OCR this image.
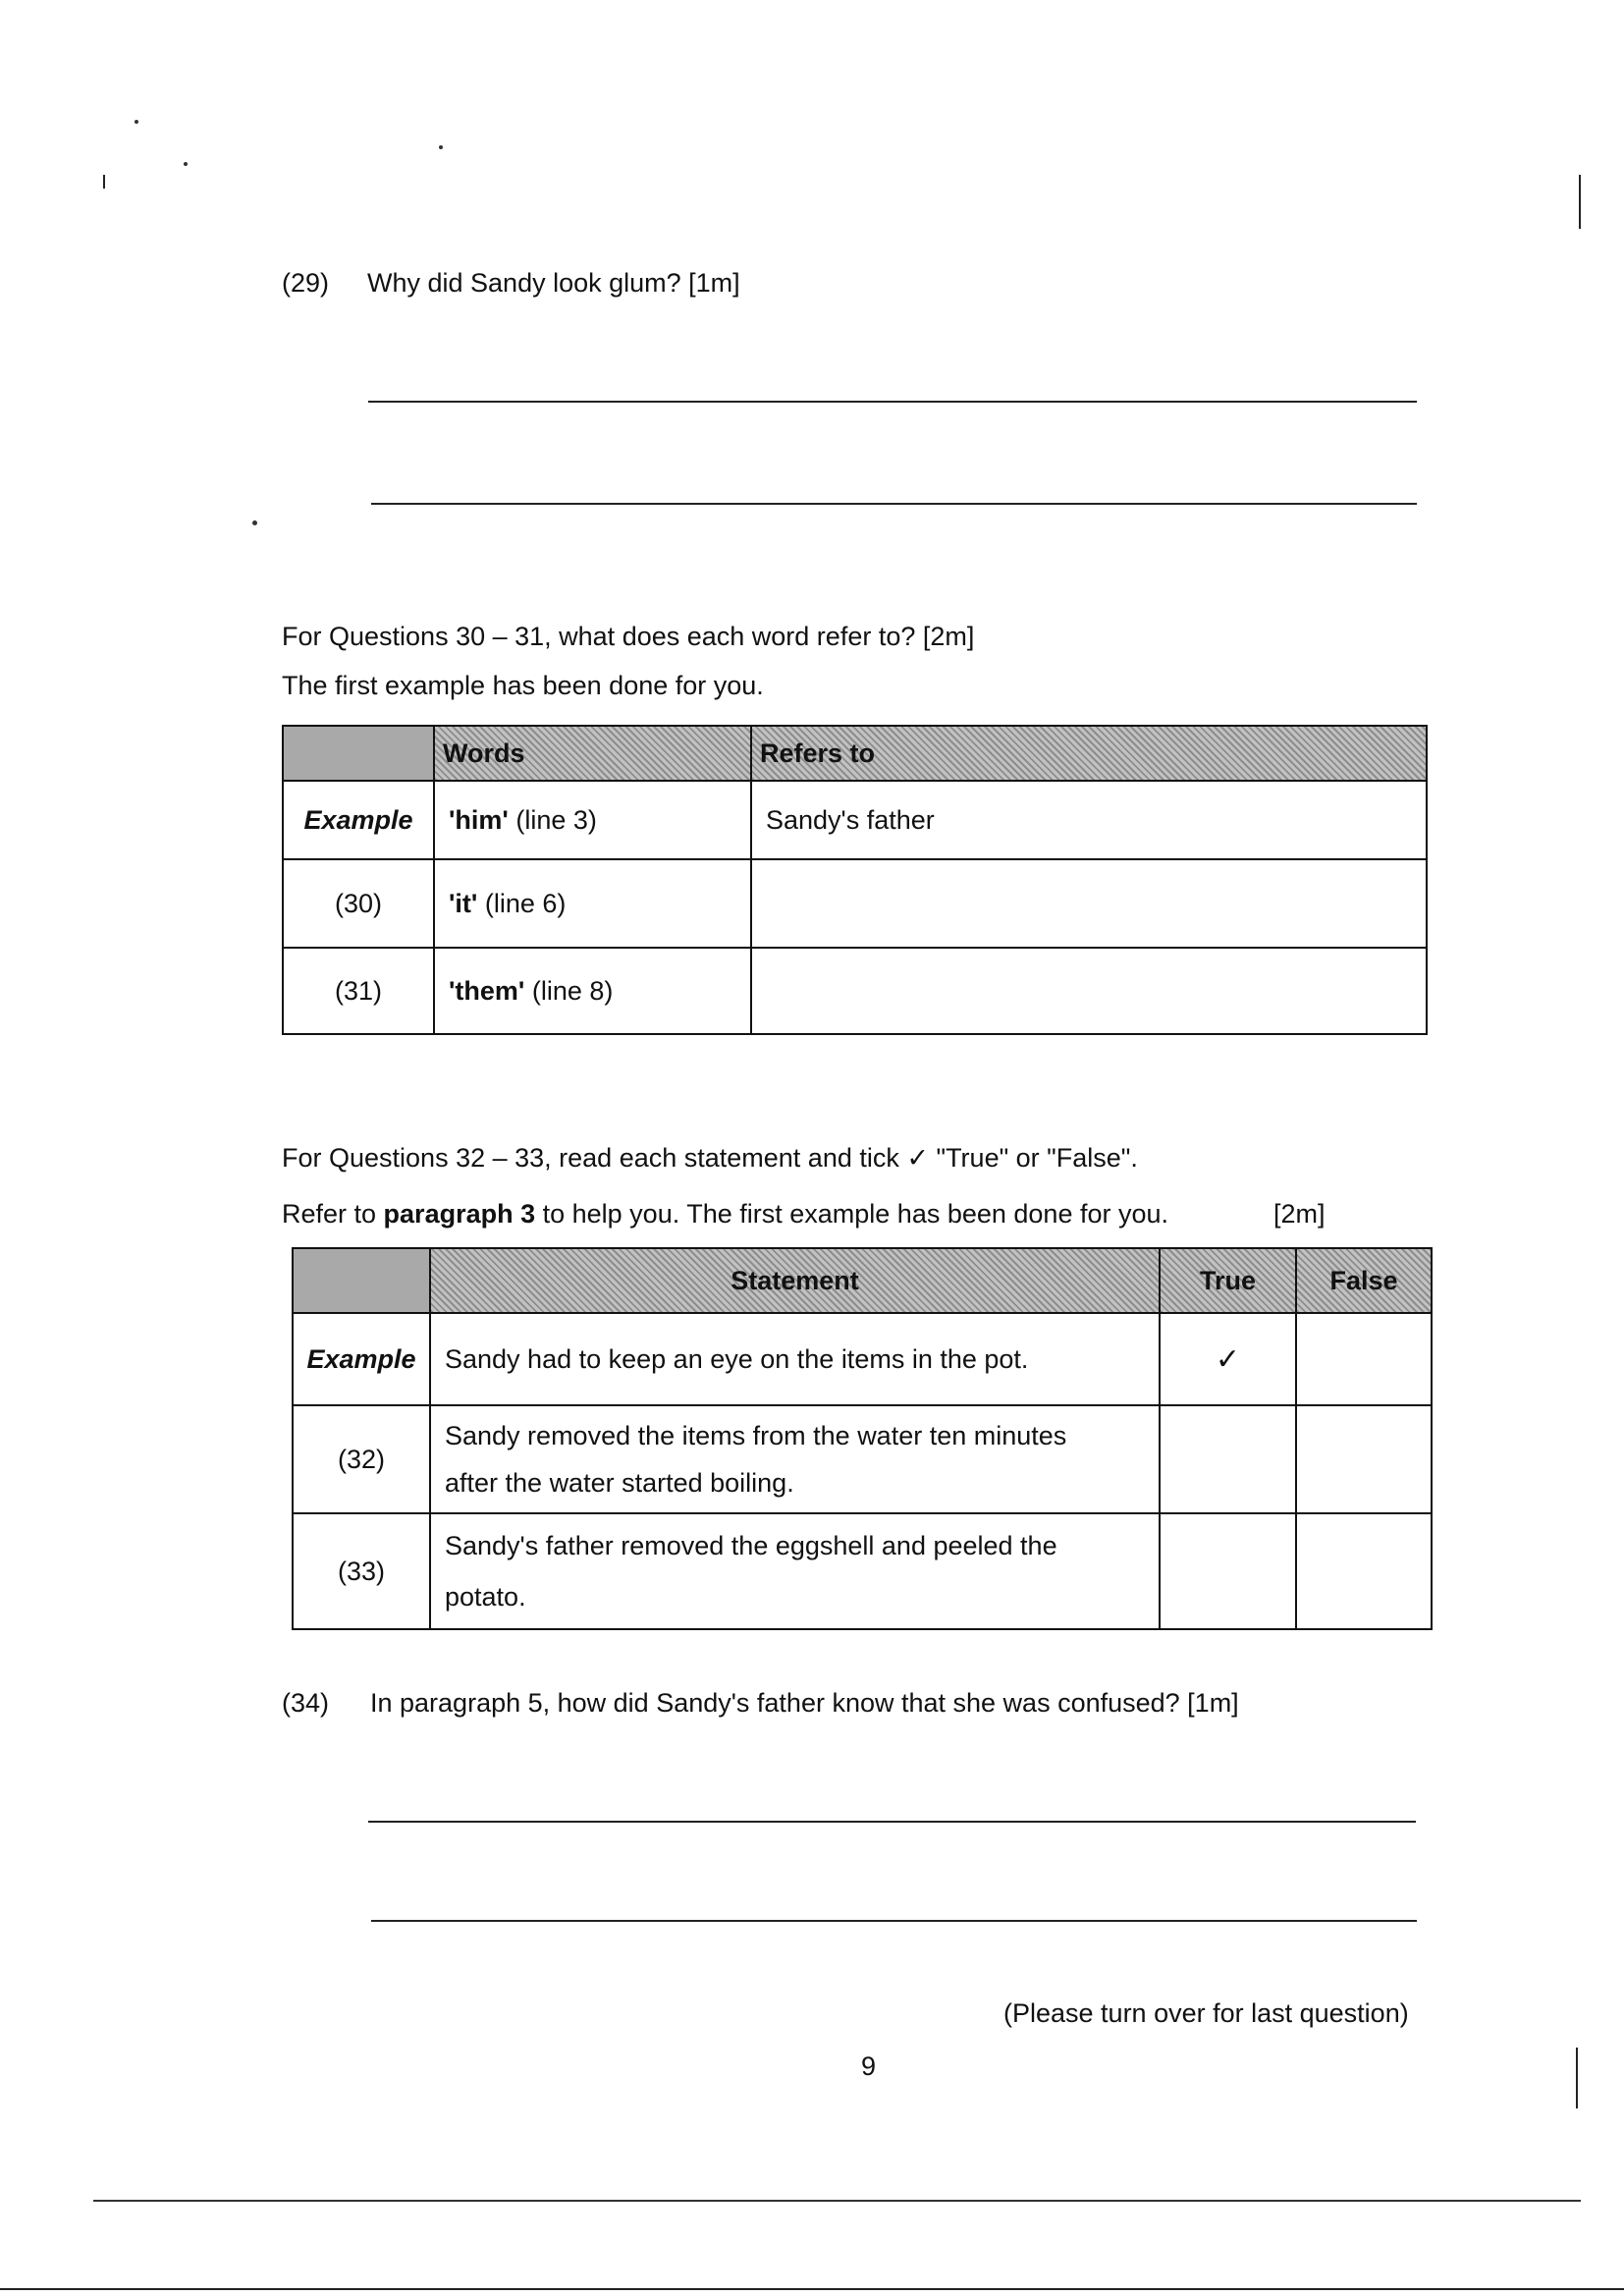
(29) Why did Sandy look glum? [1m]
For Questions 30 – 31, what does each word refer to? [2m]
The first example has been done for you.
	Words	Refers to
Example	'him' (line 3)	Sandy's father
(30)	'it' (line 6)	
(31)	'them' (line 8)	
For Questions 32 – 33, read each statement and tick ✓ "True" or "False".
Refer to paragraph 3 to help you. The first example has been done for you.	[2m]
	Statement	True	False
Example	Sandy had to keep an eye on the items in the pot.	✓	
(32)	Sandy removed the items from the water ten minutes
after the water started boiling.		

(33)	Sandy's father removed the eggshell and peeled the
potato.		

(34) In paragraph 5, how did Sandy's father know that she was confused? [1m]
(Please turn over for last question)
9
